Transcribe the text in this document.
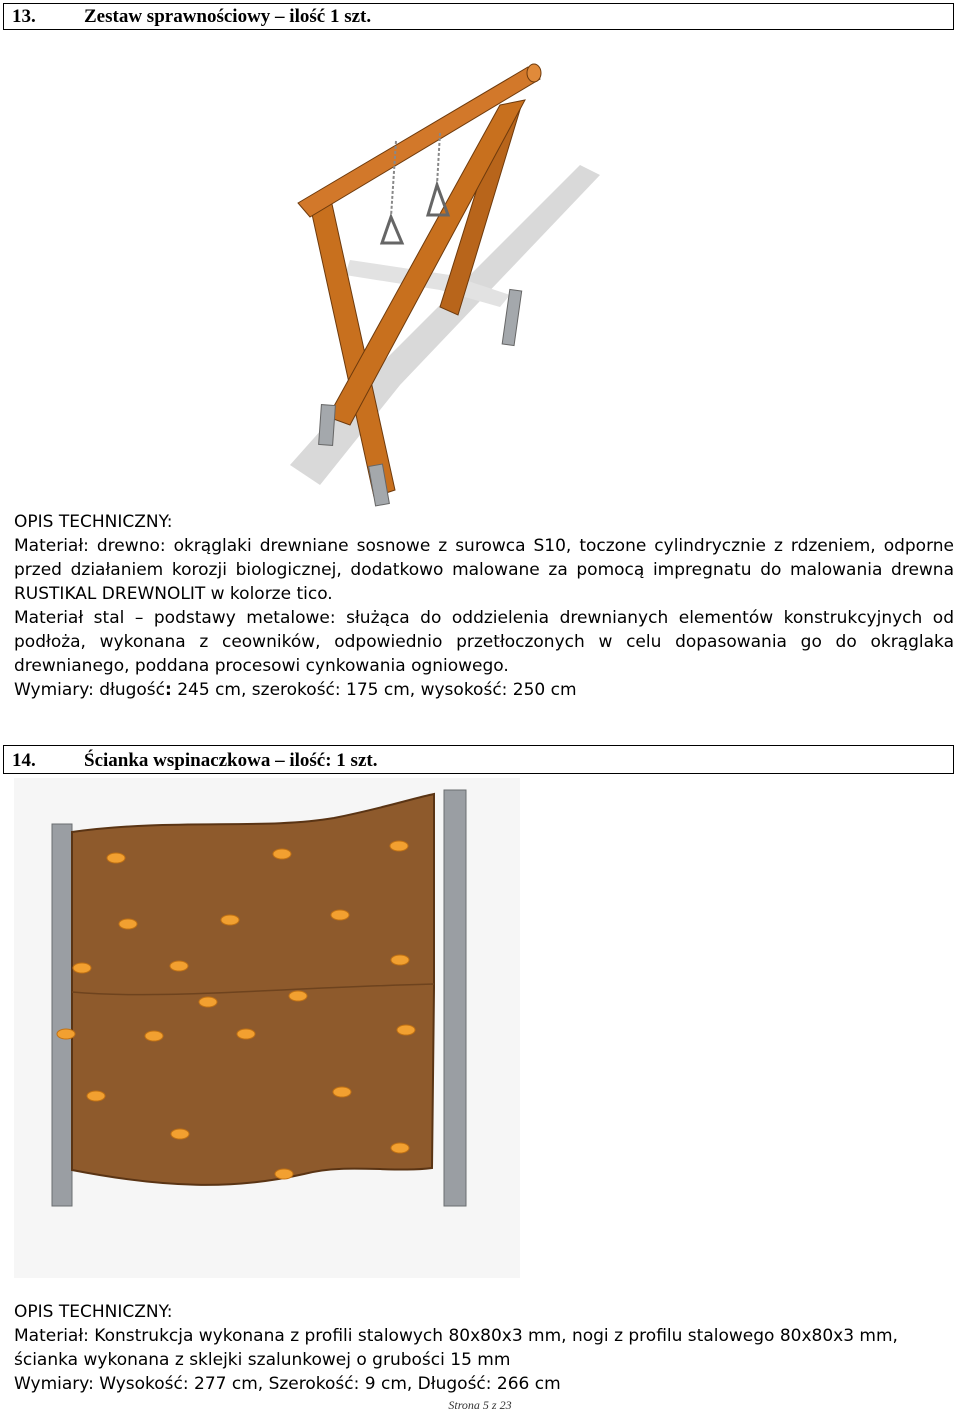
13.	Zestaw sprawnościowy – ilość 1 szt.

OPIS TECHNICZNY:

Materiał: drewno: okrąglaki drewniane sosnowe z surowca S10, toczone cylindrycznie z rdzeniem, odporne przed działaniem korozji biologicznej, dodatkowo malowane za pomocą impregnatu do malowania drewna RUSTIKAL DREWNOLIT w kolorze tico.

Materiał stal – podstawy metalowe: służąca do oddzielenia drewnianych elementów konstrukcyjnych od podłoża, wykonana z ceowników, odpowiednio przetłoczonych w celu dopasowania go do okrąglaka drewnianego, poddana procesowi cynkowania ogniowego.

Wymiary: długość: 245 cm, szerokość: 175 cm, wysokość: 250 cm

14.	Ścianka wspinaczkowa – ilość: 1 szt.

OPIS TECHNICZNY:

Materiał: Konstrukcja wykonana z profili stalowych 80x80x3 mm, nogi z profilu stalowego 80x80x3 mm, ścianka wykonana z sklejki szalunkowej o grubości 15 mm

Wymiary: Wysokość: 277 cm, Szerokość: 9 cm, Długość: 266 cm

Strona 5 z 23
